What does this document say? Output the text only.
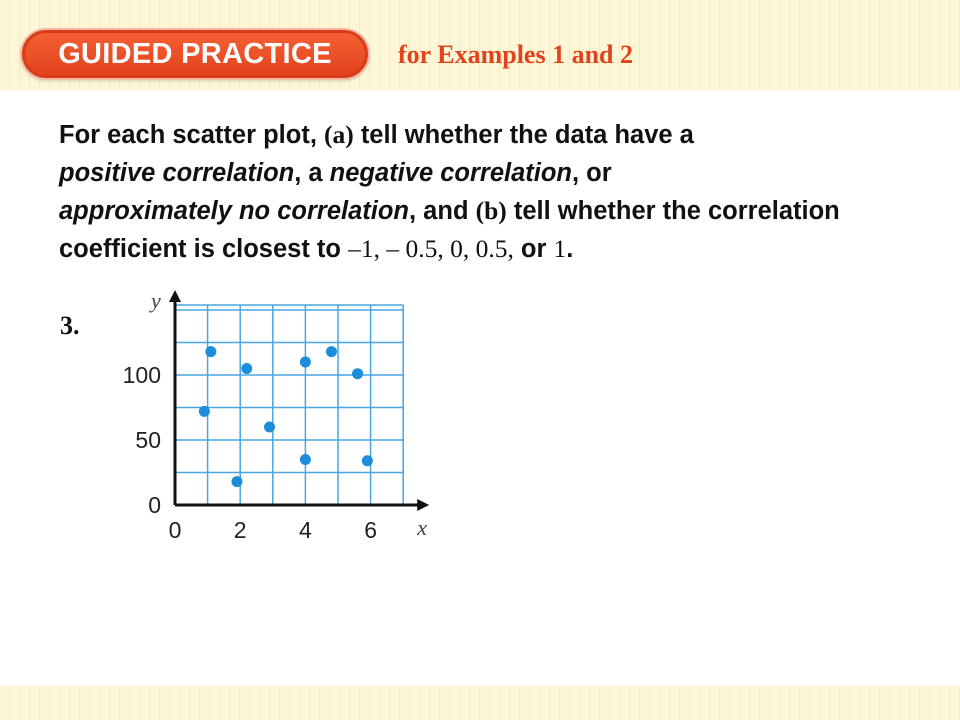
GUIDED PRACTICE	for Examples 1 and 2

For each scatter plot, (a) tell whether the data have a
positive correlation, a negative correlation, or
approximately no correlation, and (b) tell whether the correlation coefficient is closest to –1, – 0.5, 0, 0.5, or 1.

3.
0 2 4 6
0
50
100
x
y
